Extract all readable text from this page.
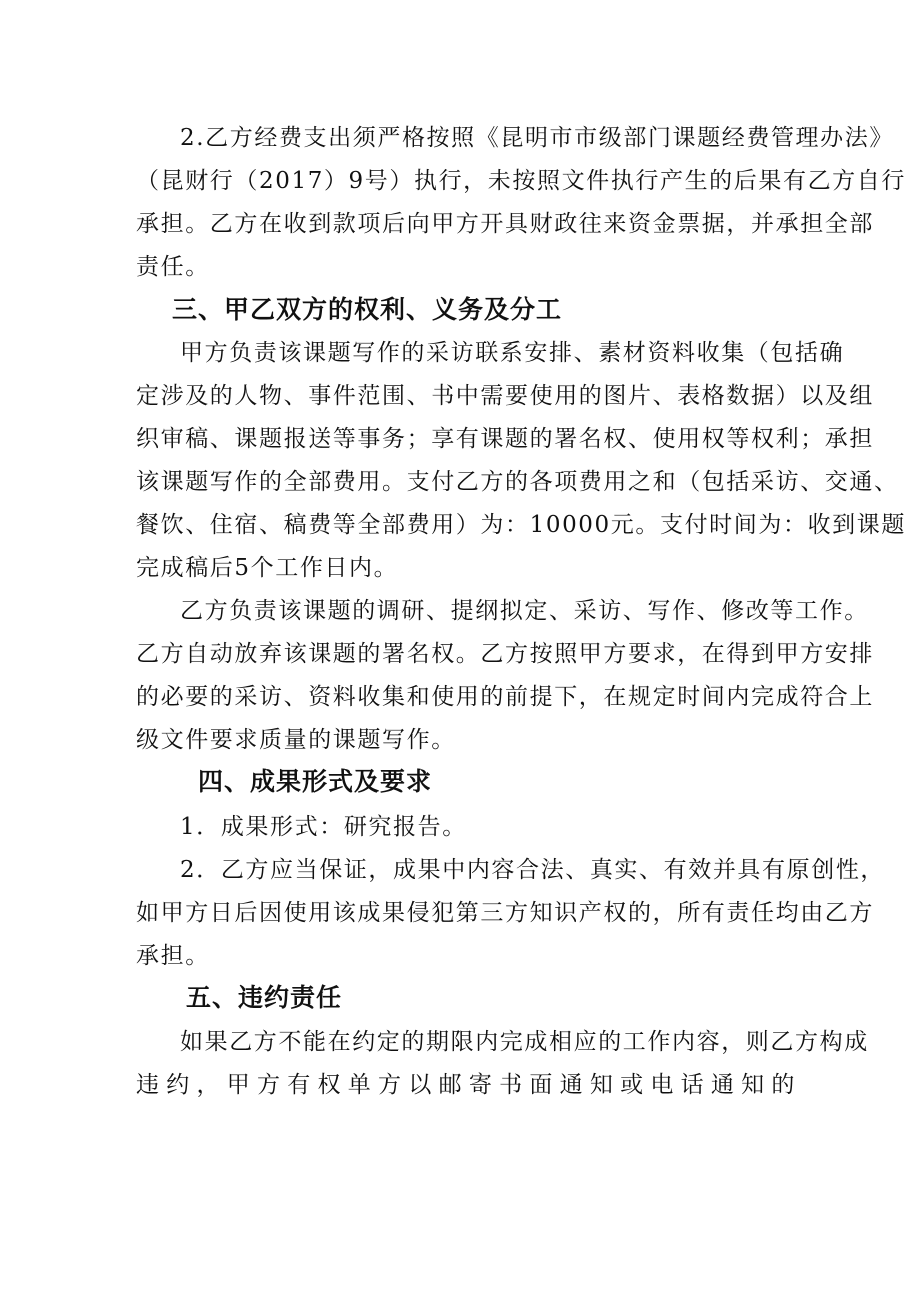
2.乙方经费支出须严格按照《昆明市市级部门课题经费管理办法》

（昆财行（2017）9号）执行，未按照文件执行产生的后果有乙方自行

承担。乙方在收到款项后向甲方开具财政往来资金票据，并承担全部

责任。

三、甲乙双方的权利、义务及分工

甲方负责该课题写作的采访联系安排、素材资料收集（包括确

定涉及的人物、事件范围、书中需要使用的图片、表格数据）以及组

织审稿、课题报送等事务；享有课题的署名权、使用权等权利；承担

该课题写作的全部费用。支付乙方的各项费用之和（包括采访、交通、

餐饮、住宿、稿费等全部费用）为：10000元。支付时间为：收到课题

完成稿后5个工作日内。

乙方负责该课题的调研、提纲拟定、采访、写作、修改等工作。

乙方自动放弃该课题的署名权。乙方按照甲方要求，在得到甲方安排

的必要的采访、资料收集和使用的前提下，在规定时间内完成符合上

级文件要求质量的课题写作。

四、成果形式及要求

1．成果形式：研究报告。

2．乙方应当保证，成果中内容合法、真实、有效并具有原创性，

如甲方日后因使用该成果侵犯第三方知识产权的，所有责任均由乙方

承担。

五、违约责任

如果乙方不能在约定的期限内完成相应的工作内容，则乙方构成

违约，甲方有权单方以邮寄书面通知或电话通知的
